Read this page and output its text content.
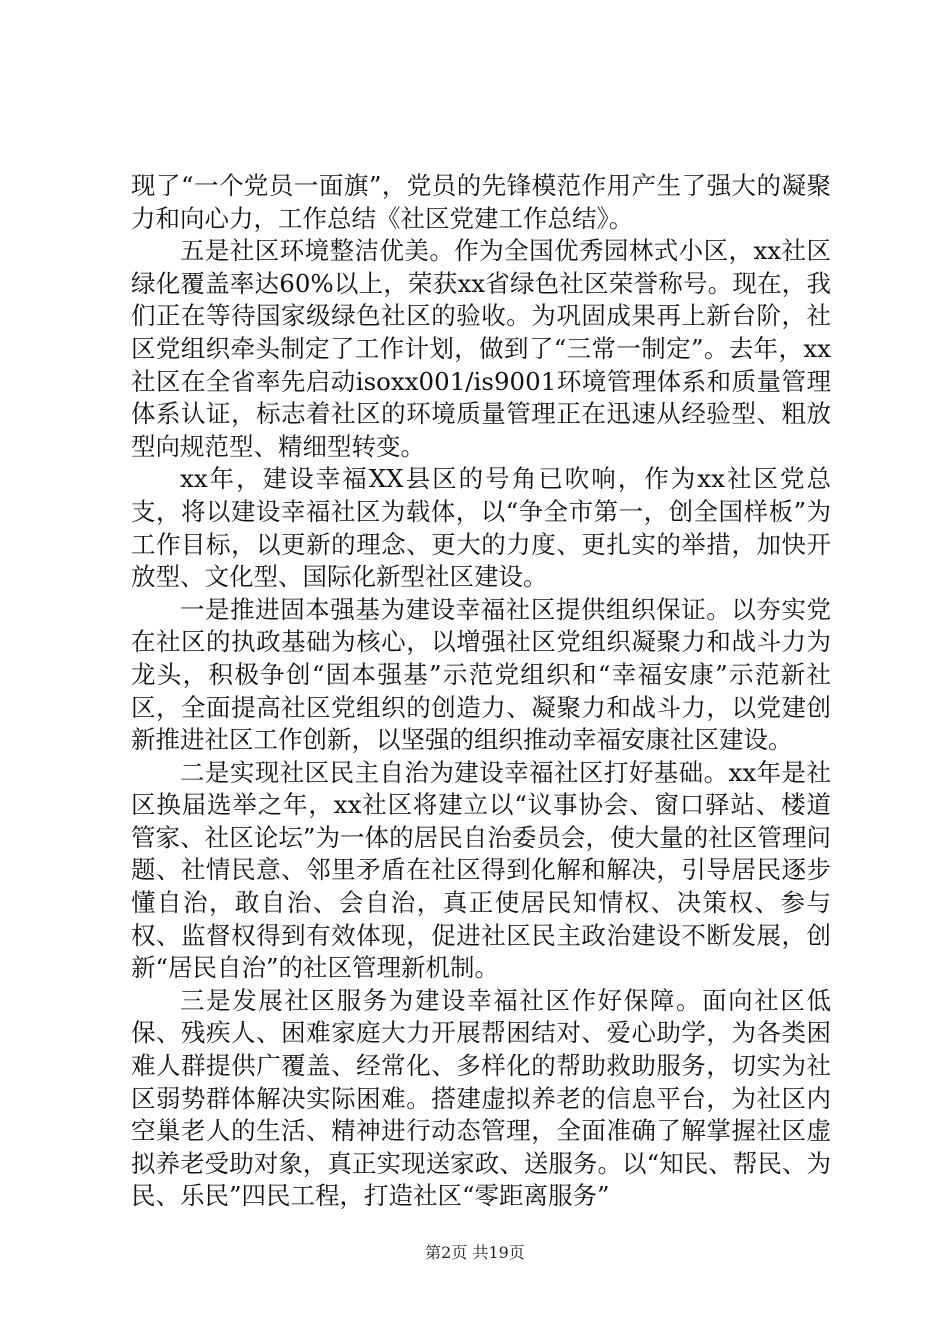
现了“一个党员一面旗”，党员的先锋模范作用产生了强大的凝聚力和向心力，工作总结《社区党建工作总结》。

五是社区环境整洁优美。作为全国优秀园林式小区，xx社区绿化覆盖率达60%以上，荣获xx省绿色社区荣誉称号。现在，我们正在等待国家级绿色社区的验收。为巩固成果再上新台阶，社区党组织牵头制定了工作计划，做到了“三常一制定”。去年，xx社区在全省率先启动isoxx001/is9001环境管理体系和质量管理体系认证，标志着社区的环境质量管理正在迅速从经验型、粗放型向规范型、精细型转变。

xx年，建设幸福XX县区的号角已吹响，作为xx社区党总支，将以建设幸福社区为载体，以“争全市第一，创全国样板”为工作目标，以更新的理念、更大的力度、更扎实的举措，加快开放型、文化型、国际化新型社区建设。

一是推进固本强基为建设幸福社区提供组织保证。以夯实党在社区的执政基础为核心，以增强社区党组织凝聚力和战斗力为龙头，积极争创“固本强基”示范党组织和“幸福安康”示范新社区，全面提高社区党组织的创造力、凝聚力和战斗力，以党建创新推进社区工作创新，以坚强的组织推动幸福安康社区建设。

二是实现社区民主自治为建设幸福社区打好基础。xx年是社区换届选举之年，xx社区将建立以“议事协会、窗口驿站、楼道管家、社区论坛”为一体的居民自治委员会，使大量的社区管理问题、社情民意、邻里矛盾在社区得到化解和解决，引导居民逐步懂自治，敢自治、会自治，真正使居民知情权、决策权、参与权、监督权得到有效体现，促进社区民主政治建设不断发展，创新“居民自治”的社区管理新机制。

三是发展社区服务为建设幸福社区作好保障。面向社区低保、残疾人、困难家庭大力开展帮困结对、爱心助学，为各类困难人群提供广覆盖、经常化、多样化的帮助救助服务，切实为社区弱势群体解决实际困难。搭建虚拟养老的信息平台，为社区内空巢老人的生活、精神进行动态管理，全面准确了解掌握社区虚拟养老受助对象，真正实现送家政、送服务。以“知民、帮民、为民、乐民”四民工程，打造社区“零距离服务”

第2页 共19页
